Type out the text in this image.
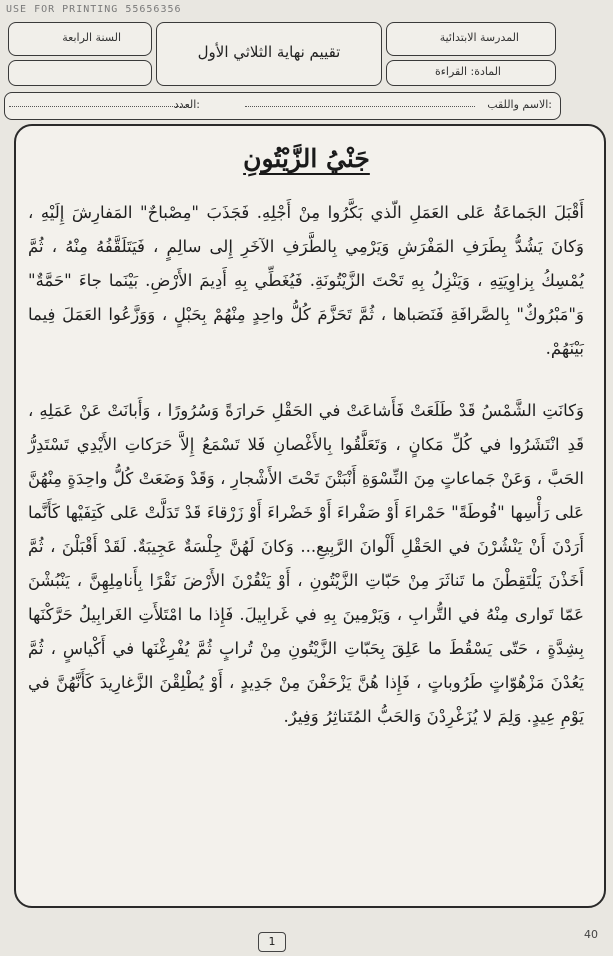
USE FOR PRINTING 55656356
المدرسة الابتدائية
المادة: القراءة
تقييم نهاية الثلاثي الأول
السنة الرابعة
الاسم واللقب:
العدد:
جَنْيُ الزَّيْتُونِ
أَقْبَلَ الجَماعَةُ عَلى العَمَلِ الّذي بَكَّرُوا مِنْ أَجْلِهِ. فَجَذَبَ "مِصْباحٌ" المَفارِشَ إِلَيْهِ ، وَكانَ يَشُدُّ بِطَرَفِ المَفْرَشِ وَيَرْمِي بِالطَّرَفِ الآخَرِ إِلى سالِمٍ ، فَيَتَلَقَّفُهُ مِنْهُ ، ثُمَّ يُمْسِكُ بِزاوِيَتِهِ ، وَيَنْزِلُ بِهِ تَحْتَ الزَّيْتُونَةِ. فَيُغَطِّي بِهِ أَدِيمَ الأَرْضِ. بَيْنَما جاءَ "حَمَّةٌ" وَ"مَبْرُوكٌ" بِالصَّرافَةِ فَنَصَباها ، ثُمَّ تَحَزَّمَ كُلُّ واحِدٍ مِنْهُمْ بِحَبْلٍ ، وَوَزَّعُوا العَمَلَ فِيما بَيْنَهُمْ.
وَكانَتِ الشَّمْسُ قَدْ طَلَعَتْ فَأَشاعَتْ في الحَقْلِ حَرارَةً وَسُرُورًا ، وَأَبانَتْ عَنْ عَمَلِهِ ، قَدِ انْتَشَرُوا في كُلِّ مَكانٍ ، وَتَعَلَّقُوا بِالأَغْصانِ فَلا تَسْمَعُ إِلاَّ حَرَكاتِ الأَيْدِي تَسْتَدِرُّ الحَبَّ ، وَعَنْ جَماعاتٍ مِنَ النِّسْوَةِ أَنْبَتْنَ تَحْتَ الأَشْجارِ ، وَقَدْ وَضَعَتْ كُلُّ واحِدَةٍ مِنْهُنَّ عَلى رَأْسِها "فُوطَةً" حَمْراءَ أَوْ صَفْراءَ أَوْ خَضْراءَ أَوْ زَرْقاءَ قَدْ تَدَلَّتْ عَلى كَتِفَيْها كَأَنَّما أَرَدْنَ أَنْ يَنْشُرْنَ في الحَقْلِ أَلْوانَ الرَّبِيعِ... وَكانَ لَهُنَّ جِلْسَةٌ عَجِيبَةٌ. لَقَدْ أَقْبَلْنَ ، ثُمَّ أَخَذْنَ يَلْتَقِطْنَ ما تَناثَرَ مِنْ حَبّاتِ الزَّيْتُونِ ، أَوْ يَنْقُرْنَ الأَرْضَ نَقْرًا بِأَنامِلِهِنَّ ، يَنْبُشْنَ عَمّا تَوارى مِنْهُ في التُّرابِ ، وَيَرْمِينَ بِهِ في غَرابِيلَ. فَإِذا ما امْتَلأَتِ الغَرابِيلُ حَرَّكْنَها بِشِدَّةٍ ، حَتّى يَسْقُطَ ما عَلِقَ بِحَبّاتِ الزَّيْتُونِ مِنْ تُرابٍ ثُمَّ يُفْرِغْنَها في أَكْياسٍ ، ثُمَّ يَعُدْنَ مَزْهُوّاتٍ طَرُوباتٍ ، فَإِذا هُنَّ يَزْحَفْنَ مِنْ جَدِيدٍ ، أَوْ يُطْلِقْنَ الزَّغارِيدَ كَأَنَّهُنَّ في يَوْمِ عِيدٍ. وَلِمَ لا يُزَغْرِدْنَ وَالحَبُّ المُتَناثِرُ وَفِيرٌ.
1
40
